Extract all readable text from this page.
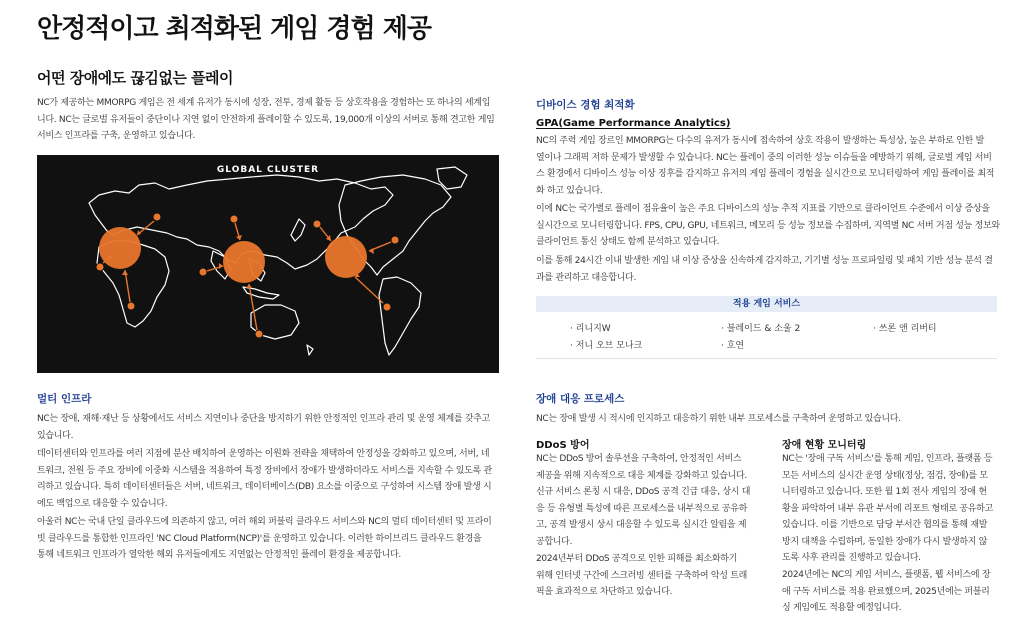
안정적이고 최적화된 게임 경험 제공
어떤 장애에도 끊김없는 플레이
NC가 제공하는 MMORPG 게임은 전 세계 유저가 동시에 성장, 전투, 경제 활동 등 상호작용을 경험하는 또 하나의 세계입
니다. NC는 글로벌 유저들이 중단이나 지연 없이 안전하게 플레이할 수 있도록, 19,000개 이상의 서버로 통해 견고한 게임
서비스 인프라를 구축, 운영하고 있습니다.
GLOBAL CLUSTER
디바이스 경험 최적화
GPA(Game Performance Analytics)
NC의 주력 게임 장르인 MMORPG는 다수의 유저가 동시에 접속하여 상호 작용이 발생하는 특성상, 높은 부하로 인한 발
열이나 그래픽 저하 문제가 발생할 수 있습니다. NC는 플레이 중의 이러한 성능 이슈들을 예방하기 위해, 글로벌 게임 서비
스 환경에서 디바이스 성능 이상 징후를 감지하고 유저의 게임 플레이 경험을 실시간으로 모니터링하여 게임 플레이를 최적
화 하고 있습니다.
이에 NC는 국가별로 플레이 점유율이 높은 주요 디바이스의 성능 추적 지표를 기반으로 클라이언트 수준에서 이상 증상을
실시간으로 모니터링합니다. FPS, CPU, GPU, 네트워크, 메모리 등 성능 정보를 수집하며, 지역별 NC 서버 거점 성능 정보와
클라이언트 통신 상태도 함께 분석하고 있습니다.
이를 통해 24시간 이내 발생한 게임 내 이상 증상을 신속하게 감지하고, 기기별 성능 프로파일링 및 패치 기반 성능 분석 결
과를 관리하고 대응합니다.
적용 게임 서비스
· 리니지W	· 블레이드 & 소울 2	· 쓰론 앤 리버티
· 저니 오브 모나크	· 호연
멀티 인프라
NC는 장애, 재해·재난 등 상황에서도 서비스 지연이나 중단을 방지하기 위한 안정적인 인프라 관리 및 운영 체계를 갖추고
있습니다.
데이터센터와 인프라를 여러 지점에 분산 배치하여 운영하는 이원화 전략을 채택하여 안정성을 강화하고 있으며, 서버, 네
트워크, 전원 등 주요 장비에 이중화 시스템을 적용하여 특정 장비에서 장애가 발생하더라도 서비스를 지속할 수 있도록 관
리하고 있습니다. 특히 데이터센터들은 서버, 네트워크, 데이터베이스(DB) 요소를 이중으로 구성하여 시스템 장애 발생 시
에도 백업으로 대응할 수 있습니다.
아울러 NC는 국내 단일 클라우드에 의존하지 않고, 여러 해외 퍼블릭 클라우드 서비스와 NC의 멀티 데이터센터 및 프라이
빗 클라우드를 통합한 인프라인 'NC Cloud Platform(NCP)'를 운영하고 있습니다. 이러한 하이브리드 클라우드 환경을
통해 네트워크 인프라가 열악한 해외 유저들에게도 지연없는 안정적인 플레이 환경을 제공합니다.
장애 대응 프로세스
NC는 장애 발생 시 적시에 인지하고 대응하기 위한 내부 프로세스를 구축하여 운영하고 있습니다.
DDoS 방어
NC는 DDoS 방어 솔루션을 구축하여, 안정적인 서비스
제공을 위해 지속적으로 대응 체계를 강화하고 있습니다.
신규 서비스 론칭 시 대응, DDoS 공격 긴급 대응, 상시 대
응 등 유형별 특성에 따른 프로세스를 내부적으로 공유하
고, 공격 발생시 상시 대응할 수 있도록 실시간 알림을 제
공합니다.
2024년부터 DDoS 공격으로 인한 피해를 최소화하기
위해 인터넷 구간에 스크러빙 센터를 구축하여 악성 트래
픽을 효과적으로 차단하고 있습니다.
장애 현황 모니터링
NC는 '장애 구독 서비스'를 통해 게임, 인프라, 플랫폼 등
모든 서비스의 실시간 운영 상태(정상, 점검, 장애)를 모
니터링하고 있습니다. 또한 월 1회 전사 게임의 장애 현
황을 파악하여 내부 유관 부서에 리포트 형태로 공유하고
있습니다. 이를 기반으로 담당 부서간 협의를 통해 재발
방지 대책을 수립하며, 동일한 장애가 다시 발생하지 않
도록 사후 관리를 진행하고 있습니다.
2024년에는 NC의 게임 서비스, 플랫폼, 웹 서비스에 장
애 구독 서비스를 적용 완료했으며, 2025년에는 퍼블리
싱 게임에도 적용할 예정입니다.
